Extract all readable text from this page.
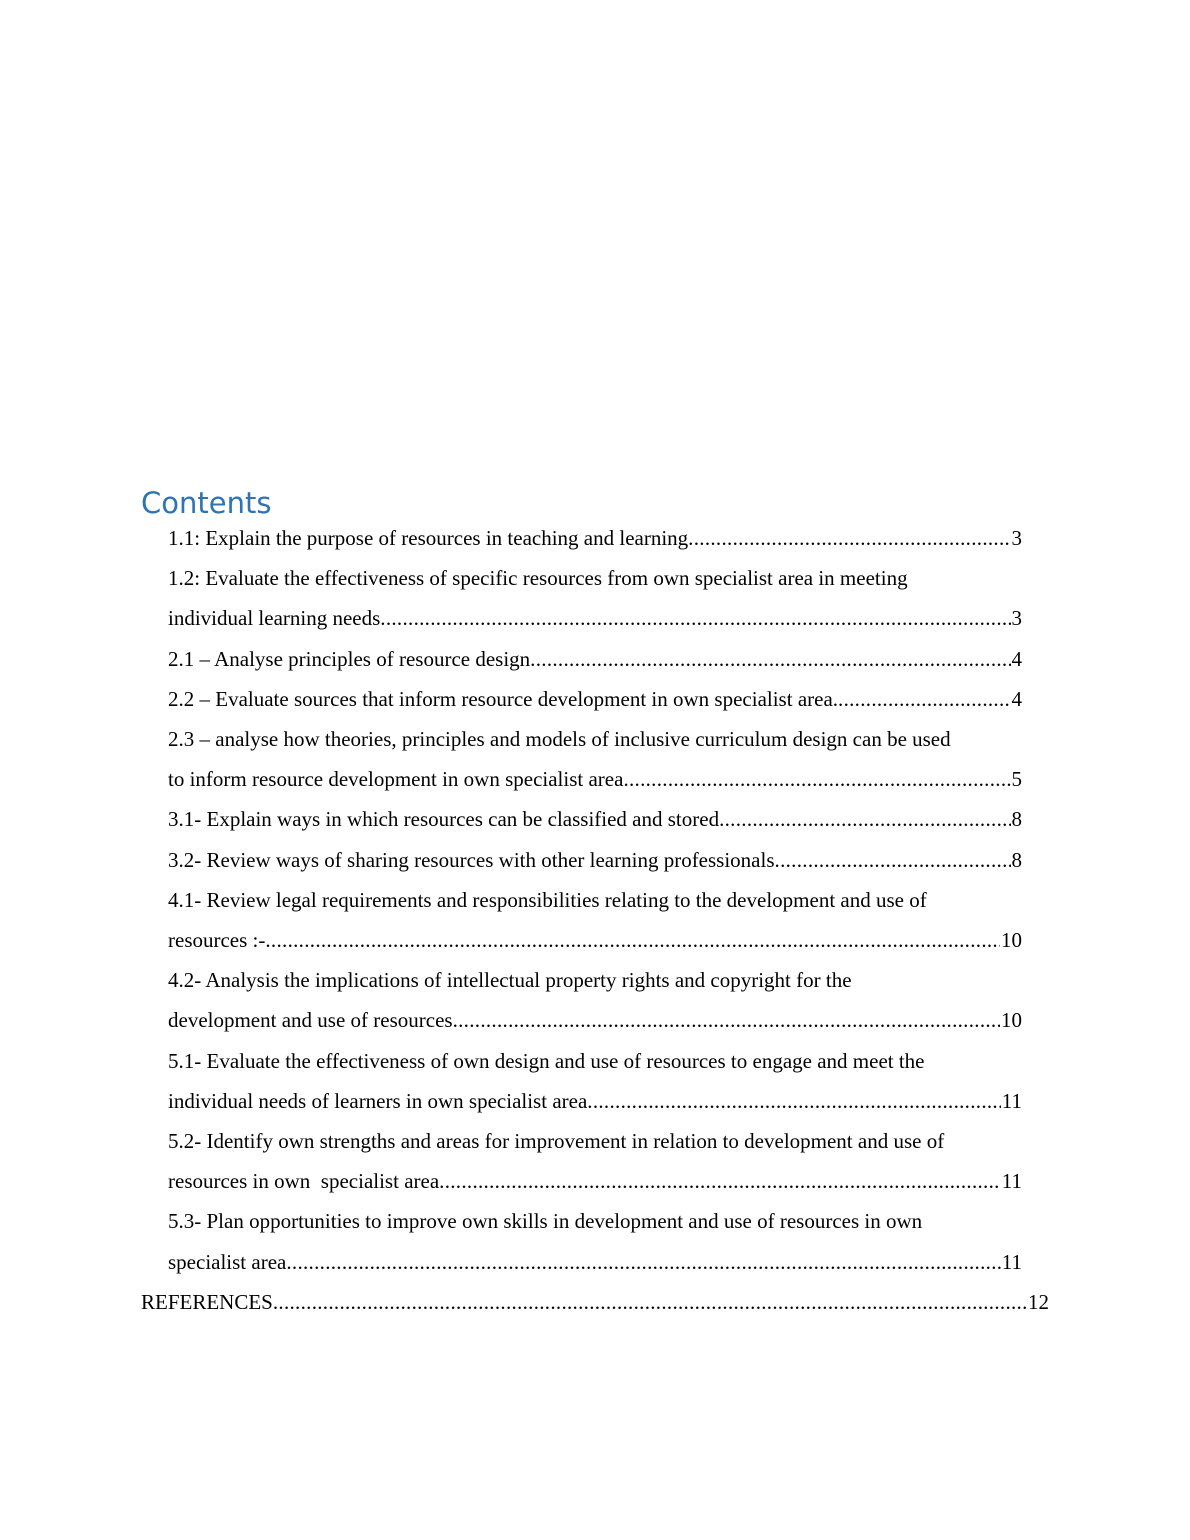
Contents
1.1: Explain the purpose of resources in teaching and learning .....	3
1.2: Evaluate the effectiveness of specific resources from own specialist area in meeting
individual learning needs .....	3
2.1 – Analyse principles of resource design .....	4
2.2 – Evaluate sources that inform resource development in own specialist area. .....	4
2.3 – analyse how theories, principles and models of inclusive curriculum design can be used
to inform resource development in own specialist area .....	5
3.1- Explain ways in which resources can be classified and stored .....	8
3.2- Review ways of sharing resources with other learning professionals .....	8
4.1- Review legal requirements and responsibilities relating to the development and use of
resources :- .....	10
4.2- Analysis the implications of intellectual property rights and copyright for the
development and use of resources .....	10
5.1- Evaluate the effectiveness of own design and use of resources to engage and meet the
individual needs of learners in own specialist area .....	11
5.2- Identify own strengths and areas for improvement in relation to development and use of
resources in own  specialist area .....	11
5.3- Plan opportunities to improve own skills in development and use of resources in own
specialist area .....	11
REFERENCES .....	12
